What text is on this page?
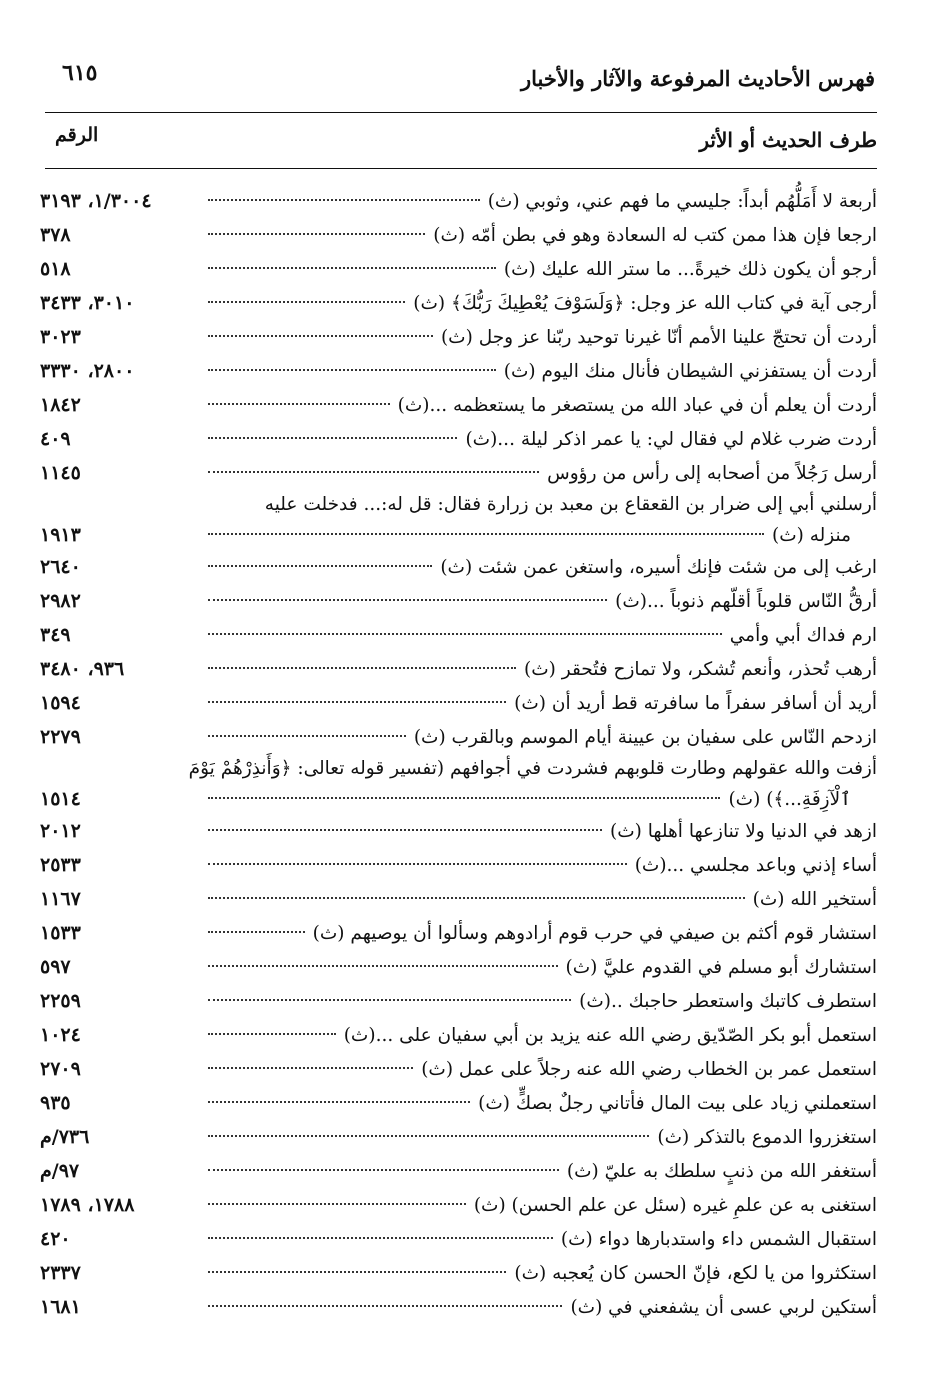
فهرس الأحاديث المرفوعة والآثار والأخبار
٦١٥
طرف الحديث أو الأثر
الرقم
أربعة لا أَمَلُّهُم أبداً: جليسي ما فهم عني، وثوبي (ث)
١/٣٠٠٤، ٣١٩٣
ارجعا فإن هذا ممن كتب له السعادة وهو في بطن أمّه (ث)
٣٧٨
أرجو أن يكون ذلك خيرةً... ما ستر الله عليك (ث)
٥١٨
أرجى آية في كتاب الله عز وجل: ﴿وَلَسَوْفَ يُعْطِيكَ رَبُّكَ﴾ (ث)
٣٠١٠، ٣٤٣٣
أردت أن تحتجّ علينا الأمم أنّا غيرنا توحيد ربّنا عز وجل (ث)
٣٠٢٣
أردت أن يستفزني الشيطان فأنال منك اليوم (ث)
٢٨٠٠، ٣٣٣٠
أردت أن يعلم أن في عباد الله من يستصغر ما يستعظمه ...(ث)
١٨٤٢
أردت ضرب غلام لي فقال لي: يا عمر اذكر ليلة ...(ث)
٤٠٩
أرسل رَجُلاً من أصحابه إلى رأس من رؤوس
١١٤٥
أرسلني أبي إلى ضرار بن القعقاع بن معبد بن زرارة فقال: قل له:... فدخلت عليه
منزله (ث)
١٩١٣
ارغب إلى من شئت فإنك أسيره، واستغن عمن شئت (ث)
٢٦٤٠
أرقُّ النّاس قلوباً أقلّهم ذنوباً ...(ث)
٢٩٨٢
ارم فداك أبي وأمي
٣٤٩
أرهب تُحذر، وأنعم تُشكر، ولا تمازح فتُحقر (ث)
٩٣٦، ٣٤٨٠
أريد أن أسافر سفراً ما سافرته قط أريد أن (ث)
١٥٩٤
ازدحم النّاس على سفيان بن عيينة أيام الموسم وبالقرب (ث)
٢٢٧٩
أزفت والله عقولهم وطارت قلوبهم فشردت في أجوافهم (تفسير قوله تعالى: ﴿وَأَنذِرْهُمْ يَوْمَ
ٱلْآزِفَةِ...﴾) (ث)
١٥١٤
ازهد في الدنيا ولا تنازعها أهلها (ث)
٢٠١٢
أساء إذني وباعد مجلسي ...(ث)
٢٥٣٣
أستخير الله (ث)
١١٦٧
استشار قوم أكثم بن صيفي في حرب قوم أرادوهم وسألوا أن يوصيهم (ث)
١٥٣٣
استشارك أبو مسلم في القدوم عليَّ (ث)
٥٩٧
استطرف كاتبك واستعطر حاجبك ..(ث)
٢٢٥٩
استعمل أبو بكر الصّدّيق رضي الله عنه يزيد بن أبي سفيان على ...(ث)
١٠٢٤
استعمل عمر بن الخطاب رضي الله عنه رجلاً على عمل (ث)
٢٧٠٩
استعملني زياد على بيت المال فأتاني رجلٌ بصكٍّ (ث)
٩٣٥
استغزروا الدموع بالتذكر (ث)
٧٣٦/م
أستغفر الله من ذنبٍ سلطك به عليّ (ث)
٩٧/م
استغنى به عن علمِ غيره (سئل عن علم الحسن) (ث)
١٧٨٨، ١٧٨٩
استقبال الشمس داء واستدبارها دواء (ث)
٤٢٠
استكثروا من يا لكع، فإنّ الحسن كان يُعجبه (ث)
٢٣٣٧
أستكين لربي عسى أن يشفعني في (ث)
١٦٨١
